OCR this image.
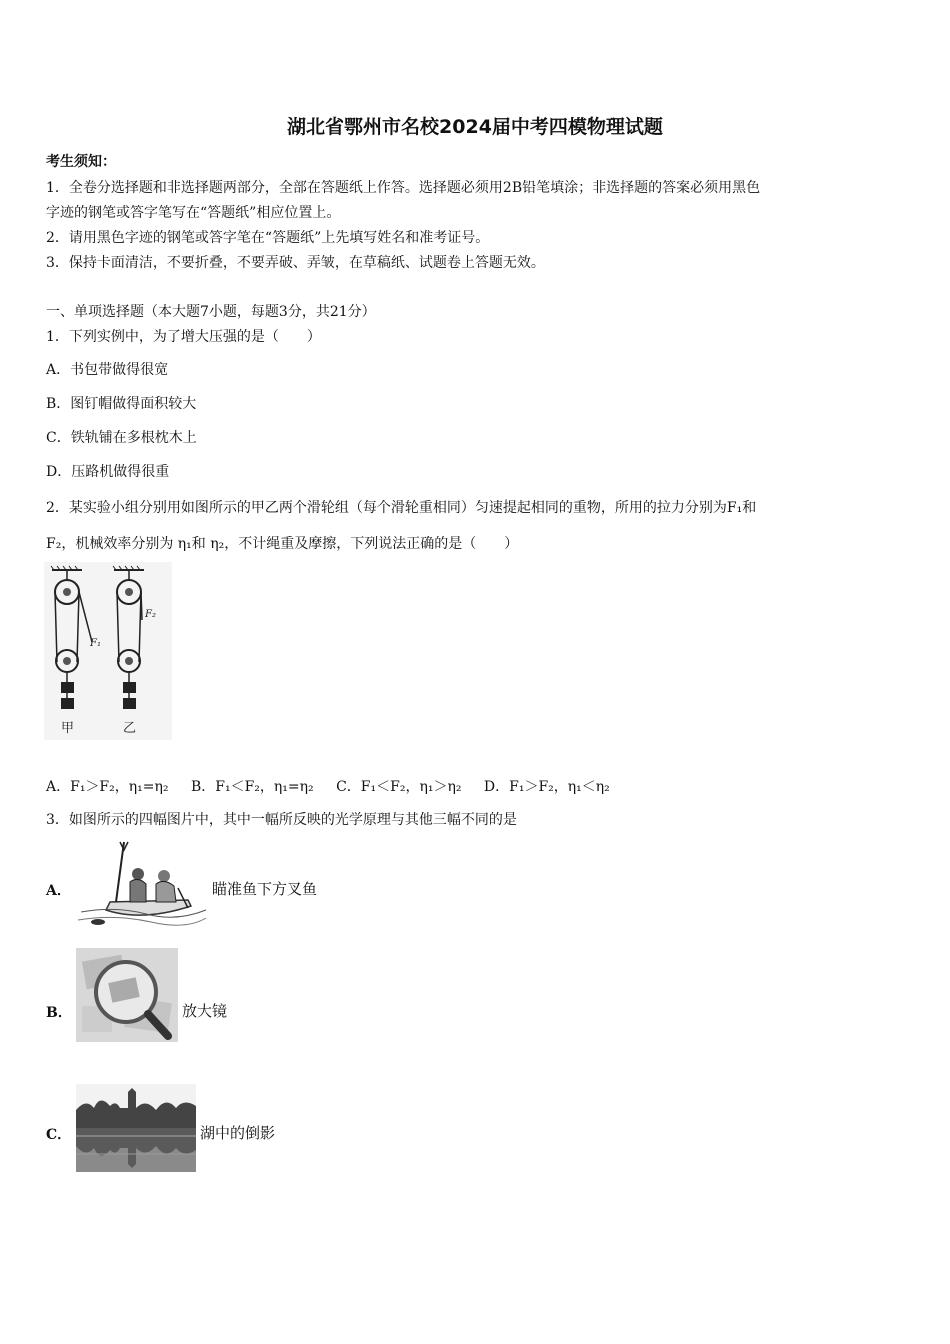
湖北省鄂州市名校2024届中考四模物理试题
考生须知：
1．全卷分选择题和非选择题两部分，全部在答题纸上作答。选择题必须用2B铅笔填涂；非选择题的答案必须用黑色
字迹的钢笔或答字笔写在“答题纸”相应位置上。
2．请用黑色字迹的钢笔或答字笔在“答题纸”上先填写姓名和准考证号。
3．保持卡面清洁，不要折叠，不要弄破、弄皱，在草稿纸、试题卷上答题无效。
一、单项选择题（本大题7小题，每题3分，共21分）
1．下列实例中，为了增大压强的是（　　）
A．书包带做得很宽
B．图钉帽做得面积较大
C．铁轨铺在多根枕木上
D．压路机做得很重
2．某实验小组分别用如图所示的甲乙两个滑轮组（每个滑轮重相同）匀速提起相同的重物，所用的拉力分别为F₁和
F₂，机械效率分别为 η₁和 η₂，不计绳重及摩擦，下列说法正确的是（　　）
F₁
F₂
甲	乙
A．F₁＞F₂，η₁=η₂ B．F₁＜F₂，η₁=η₂ C．F₁＜F₂，η₁＞η₂ D．F₁＞F₂，η₁＜η₂
3．如图所示的四幅图片中，其中一幅所反映的光学原理与其他三幅不同的是
A．	瞄准鱼下方叉鱼
B．	放大镜
C．	湖中的倒影
